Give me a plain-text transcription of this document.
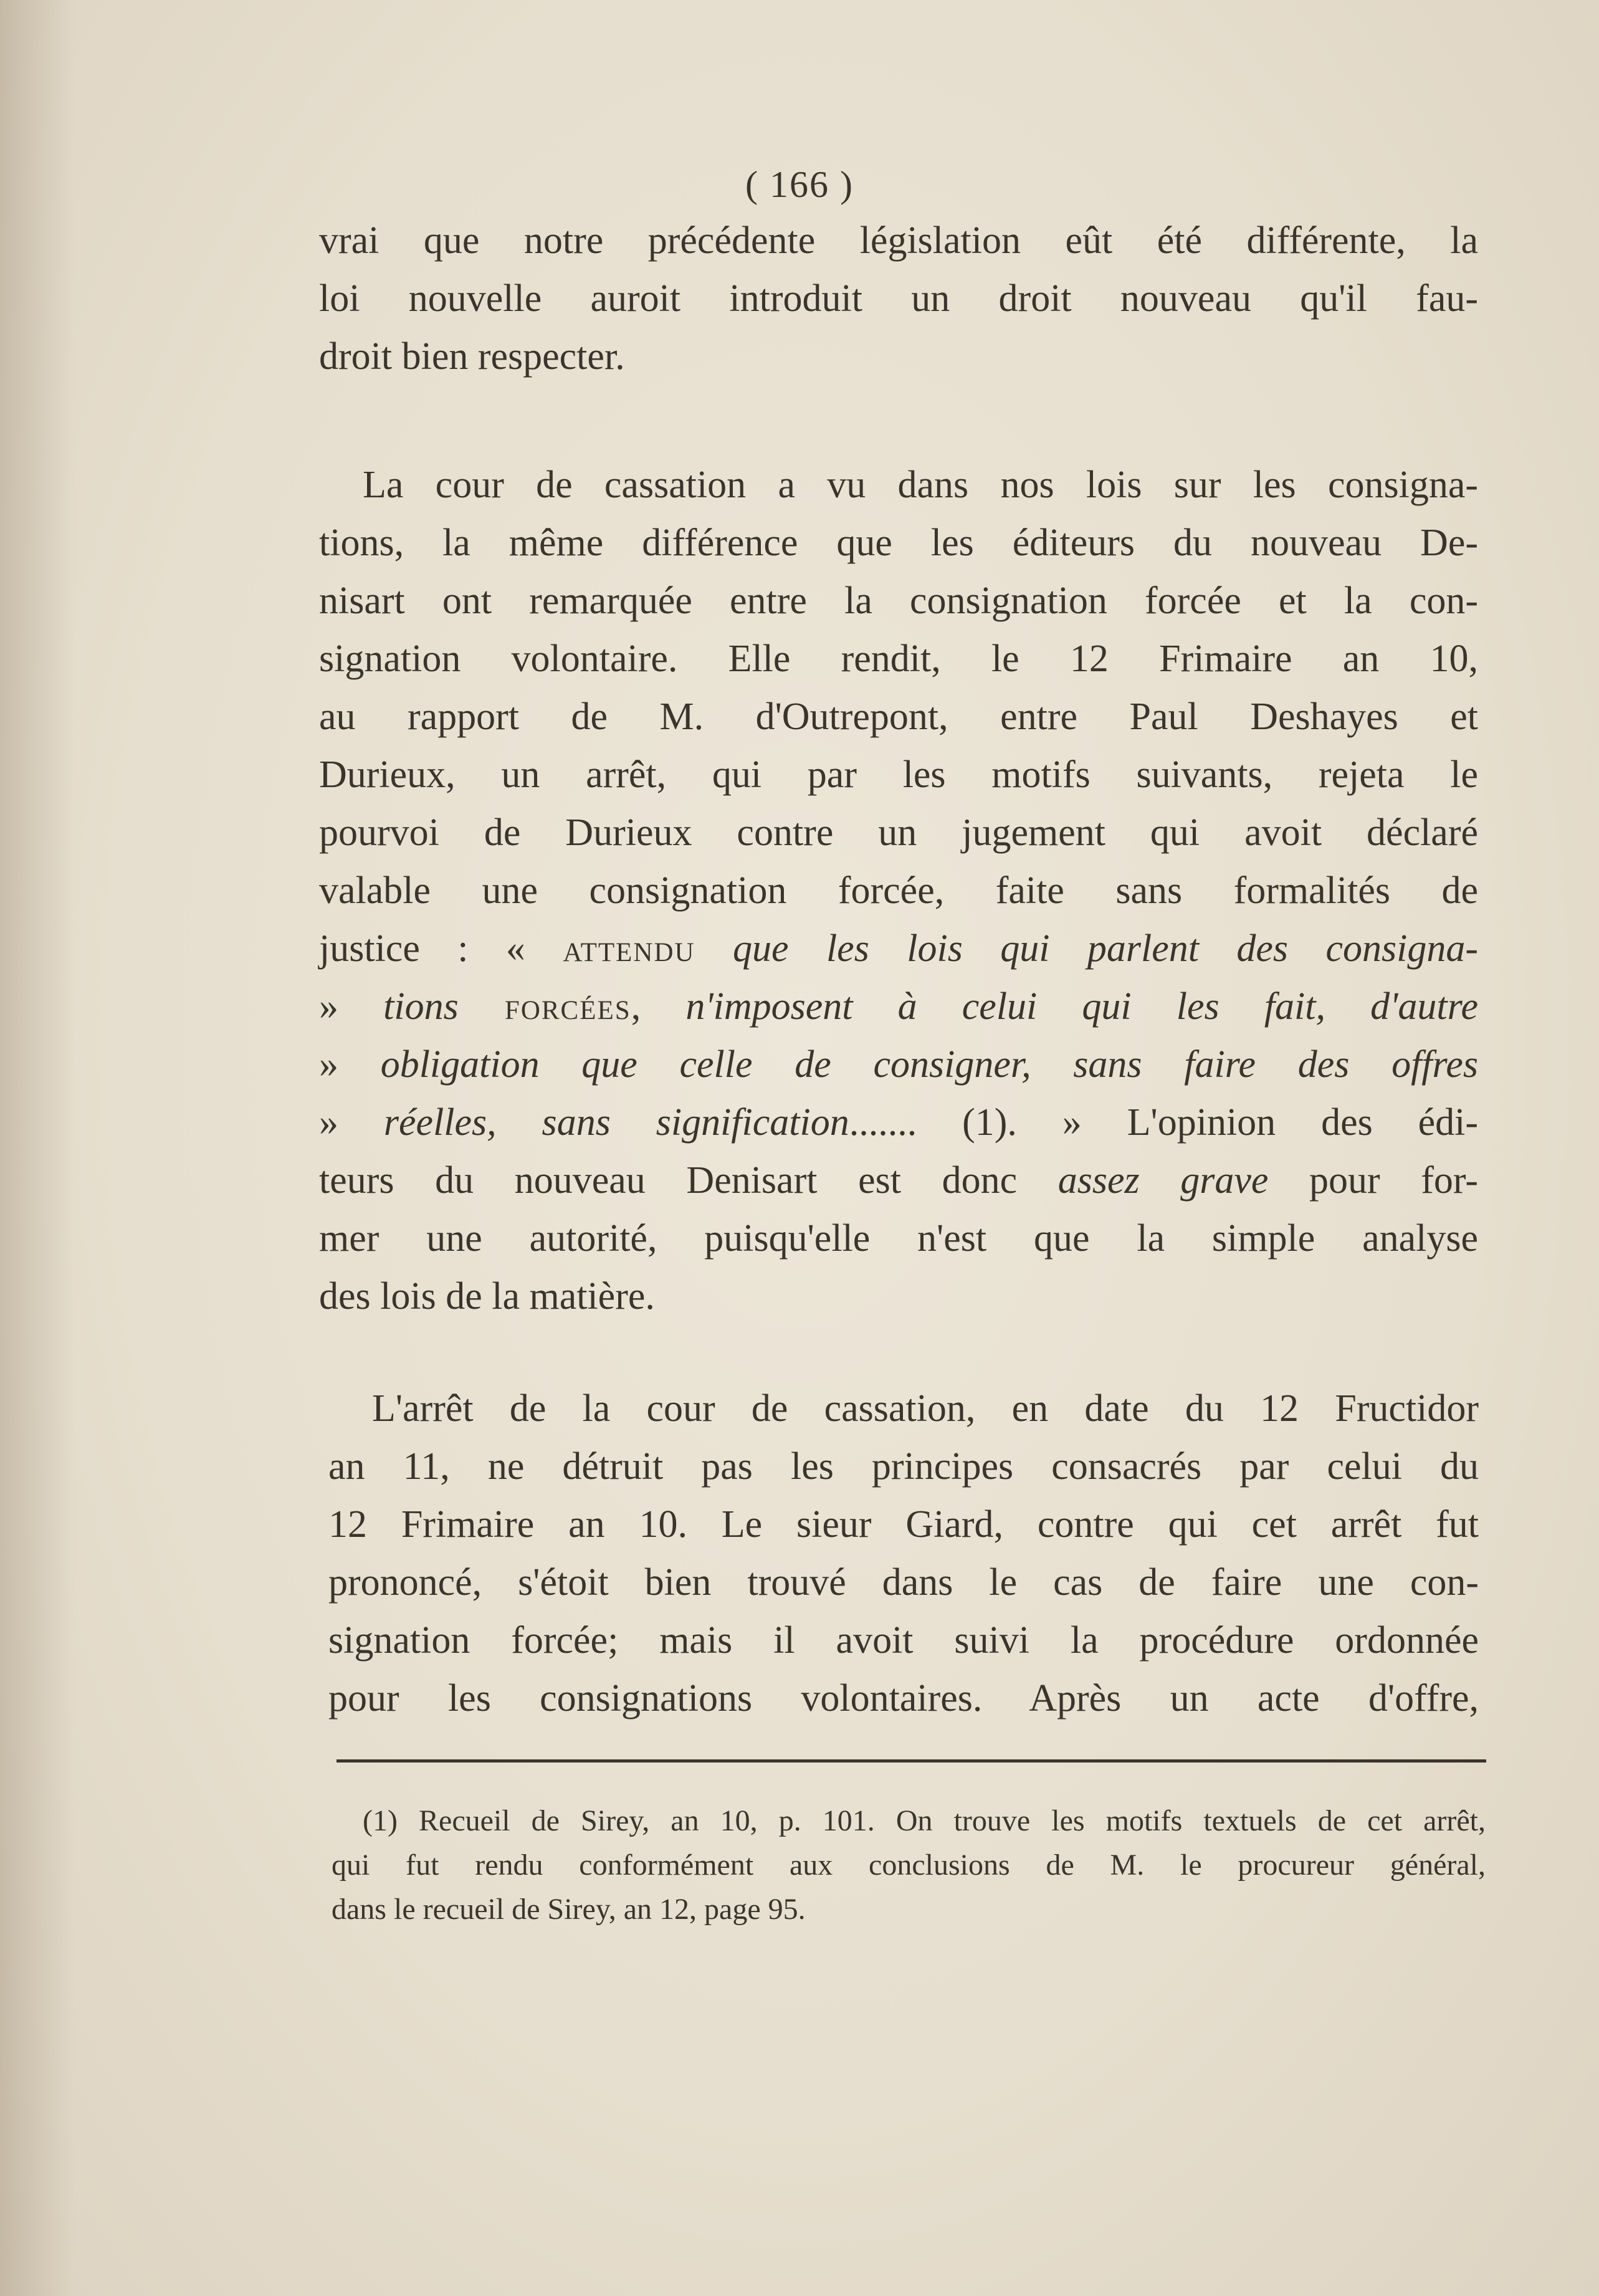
( 166 )
vrai que notre précédente législation eût été différente, la
loi nouvelle auroit introduit un droit nouveau qu'il fau-
droit bien respecter.
La cour de cassation a vu dans nos lois sur les consigna-
tions, la même différence que les éditeurs du nouveau De-
nisart ont remarquée entre la consignation forcée et la con-
signation volontaire. Elle rendit, le 12 Frimaire an 10,
au rapport de M. d'Outrepont, entre Paul Deshayes et
Durieux, un arrêt, qui par les motifs suivants, rejeta le
pourvoi de Durieux contre un jugement qui avoit déclaré
valable une consignation forcée, faite sans formalités de
justice : « attendu que les lois qui parlent des consigna-
» tions forcées, n'imposent à celui qui les fait, d'autre
» obligation que celle de consigner, sans faire des offres
» réelles, sans signification....... (1). » L'opinion des édi-
teurs du nouveau Denisart est donc assez grave pour for-
mer une autorité, puisqu'elle n'est que la simple analyse
des lois de la matière.
L'arrêt de la cour de cassation, en date du 12 Fructidor
an 11, ne détruit pas les principes consacrés par celui du
12 Frimaire an 10. Le sieur Giard, contre qui cet arrêt fut
prononcé, s'étoit bien trouvé dans le cas de faire une con-
signation forcée; mais il avoit suivi la procédure ordonnée
pour les consignations volontaires. Après un acte d'offre,
(1) Recueil de Sirey, an 10, p. 101. On trouve les motifs textuels de cet arrêt,
qui fut rendu conformément aux conclusions de M. le procureur général,
dans le recueil de Sirey, an 12, page 95.
